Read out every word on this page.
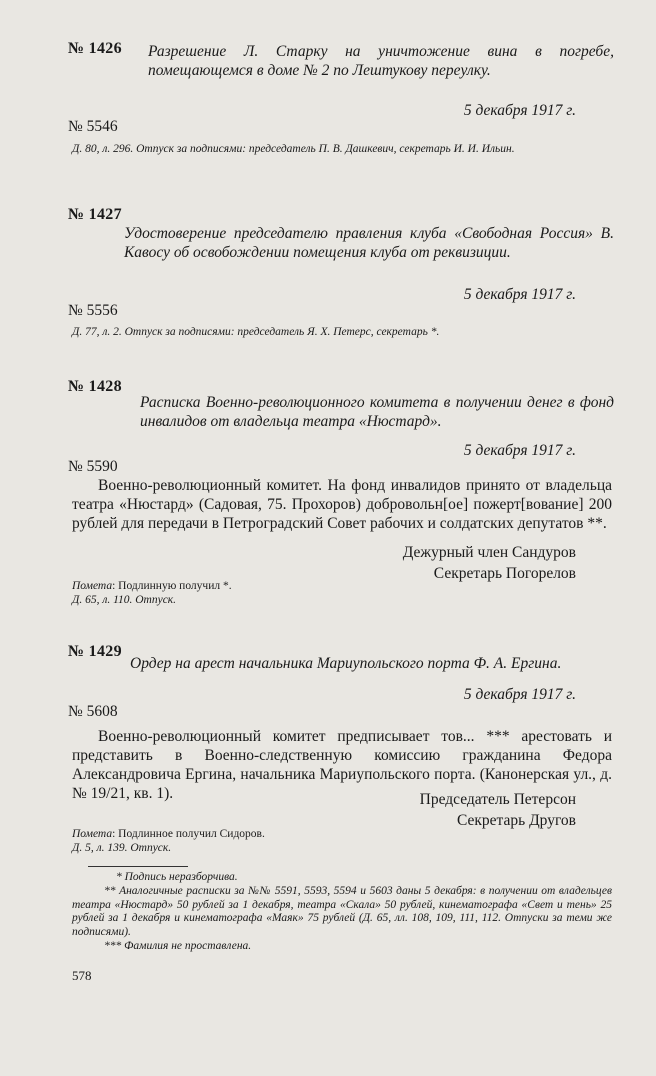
№ 1426 Разрешение Л. Старку на уничтожение вина в погребе, помещающемся в доме № 2 по Лештукову переулку.
5 декабря 1917 г.
№ 5546
Д. 80, л. 296. Отпуск за подписями: председатель П. В. Дашкевич, секретарь И. И. Ильин.
№ 1427
Удостоверение председателю правления клуба «Свободная Россия» В. Кавосу об освобождении помещения клуба от реквизиции.
5 декабря 1917 г.
№ 5556
Д. 77, л. 2. Отпуск за подписями: председатель Я. Х. Петерс, секретарь *.
№ 1428
Расписка Военно-революционного комитета в получении денег в фонд инвалидов от владельца театра «Нюстард».
5 декабря 1917 г.
№ 5590
Военно-революционный комитет. На фонд инвалидов принято от владельца театра «Нюстард» (Садовая, 75. Прохоров) добровольн[ое] пожерт[вование] 200 рублей для передачи в Петроградский Совет рабочих и солдатских депутатов **.
Дежурный член Сандуров
Секретарь Погорелов
Помета: Подлинную получил *.
Д. 65, л. 110. Отпуск.
№ 1429
Ордер на арест начальника Мариупольского порта Ф. А. Ергина.
5 декабря 1917 г.
№ 5608
Военно-революционный комитет предписывает тов... *** арестовать и представить в Военно-следственную комиссию гражданина Федора Александровича Ергина, начальника Мариупольского порта. (Канонерская ул., д. № 19/21, кв. 1).	Председатель Петерсон
Секретарь Другов
Помета: Подлинное получил Сидоров.
Д. 5, л. 139. Отпуск.
* Подпись неразборчива.
** Аналогичные расписки за №№ 5591, 5593, 5594 и 5603 даны 5 декабря: в получении от владельцев театра «Нюстард» 50 рублей за 1 декабря, театра «Скала» 50 рублей, кинематографа «Свет и тень» 25 рублей за 1 декабря и кинематографа «Маяк» 75 рублей (Д. 65, лл. 108, 109, 111, 112. Отпуски за теми же подписями).
*** Фамилия не проставлена.
578
